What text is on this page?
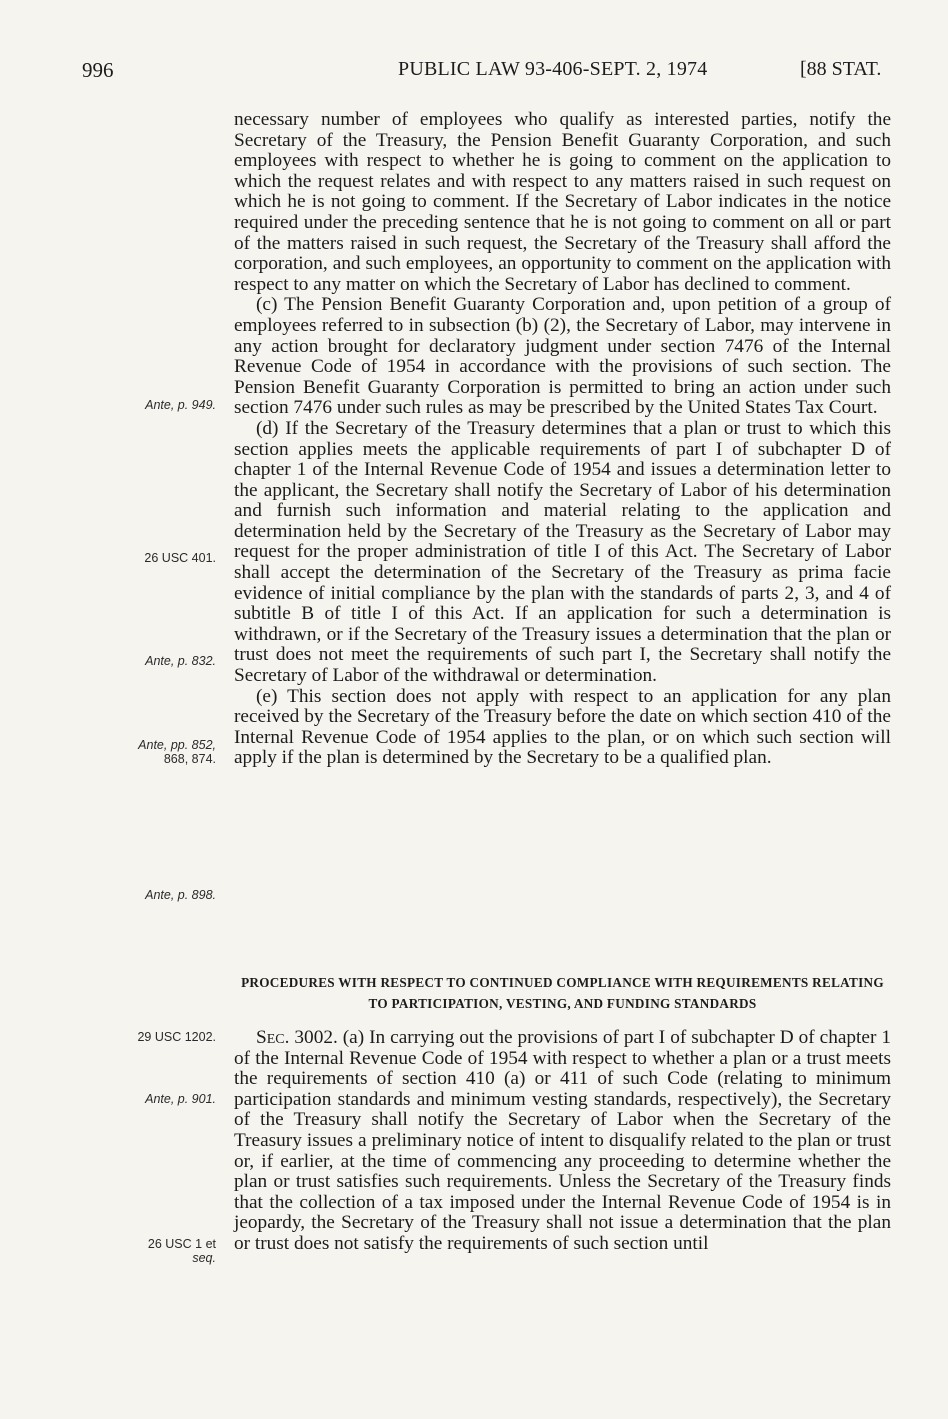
996	PUBLIC LAW 93-406-SEPT. 2, 1974	[88 STAT.

necessary number of employees who qualify as interested parties, notify the Secretary of the Treasury, the Pension Benefit Guaranty Corporation, and such employees with respect to whether he is going to comment on the application to which the request relates and with respect to any matters raised in such request on which he is not going to comment. If the Secretary of Labor indicates in the notice required under the preceding sentence that he is not going to comment on all or part of the matters raised in such request, the Secretary of the Treasury shall afford the corporation, and such employees, an opportunity to comment on the application with respect to any matter on which the Secretary of Labor has declined to comment.

(c) The Pension Benefit Guaranty Corporation and, upon petition of a group of employees referred to in subsection (b) (2), the Secretary of Labor, may intervene in any action brought for declaratory judgment under section 7476 of the Internal Revenue Code of 1954 in accordance with the provisions of such section. The Pension Benefit Guaranty Corporation is permitted to bring an action under such section 7476 under such rules as may be prescribed by the United States Tax Court.

(d) If the Secretary of the Treasury determines that a plan or trust to which this section applies meets the applicable requirements of part I of subchapter D of chapter 1 of the Internal Revenue Code of 1954 and issues a determination letter to the applicant, the Secretary shall notify the Secretary of Labor of his determination and furnish such information and material relating to the application and determination held by the Secretary of the Treasury as the Secretary of Labor may request for the proper administration of title I of this Act. The Secretary of Labor shall accept the determination of the Secretary of the Treasury as prima facie evidence of initial compliance by the plan with the standards of parts 2, 3, and 4 of subtitle B of title I of this Act. If an application for such a determination is withdrawn, or if the Secretary of the Treasury issues a determination that the plan or trust does not meet the requirements of such part I, the Secretary shall notify the Secretary of Labor of the withdrawal or determination.

(e) This section does not apply with respect to an application for any plan received by the Secretary of the Treasury before the date on which section 410 of the Internal Revenue Code of 1954 applies to the plan, or on which such section will apply if the plan is determined by the Secretary to be a qualified plan.

PROCEDURES WITH RESPECT TO CONTINUED COMPLIANCE WITH REQUIREMENTS RELATING TO PARTICIPATION, VESTING, AND FUNDING STANDARDS

Sec. 3002. (a) In carrying out the provisions of part I of subchapter D of chapter 1 of the Internal Revenue Code of 1954 with respect to whether a plan or a trust meets the requirements of section 410 (a) or 411 of such Code (relating to minimum participation standards and minimum vesting standards, respectively), the Secretary of the Treasury shall notify the Secretary of Labor when the Secretary of the Treasury issues a preliminary notice of intent to disqualify related to the plan or trust or, if earlier, at the time of commencing any proceeding to determine whether the plan or trust satisfies such requirements. Unless the Secretary of the Treasury finds that the collection of a tax imposed under the Internal Revenue Code of 1954 is in jeopardy, the Secretary of the Treasury shall not issue a determination that the plan or trust does not satisfy the requirements of such section until

Ante, p. 949.
26 USC 401.
Ante, p. 832.
Ante, pp. 852,
868, 874.
Ante, p. 898.
29 USC 1202.
Ante, p. 901.
26 USC 1 et
seq.
